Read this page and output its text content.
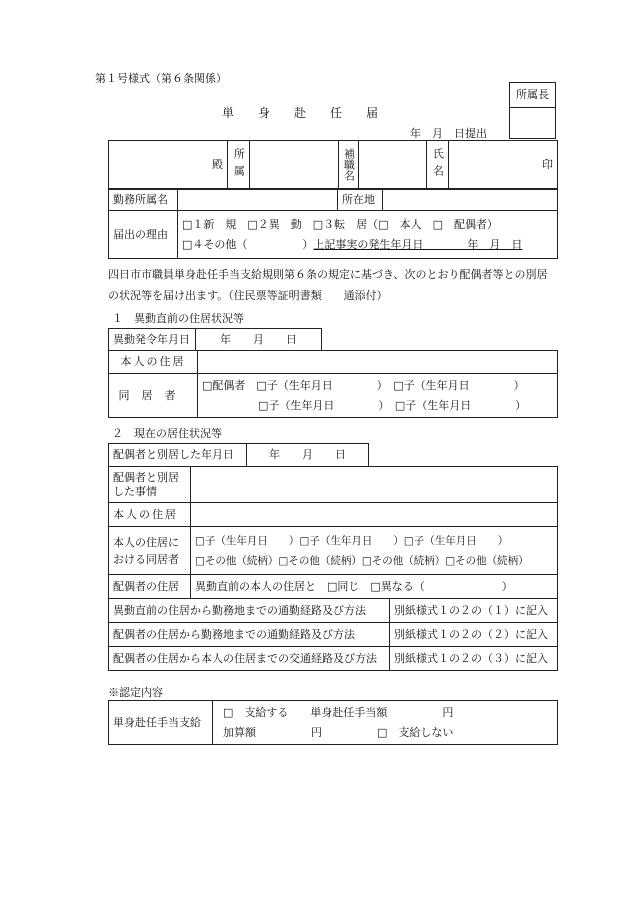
第１号様式（第６条関係）
所属長

単　　身　　赴　　任　　届
年　月　日提出
殿	所属		補職名		氏名	印
勤務所属名		所在地	
届出の理由	
□１新　規　□２異　動　□３転　居（□　本人　□　配偶者）
□４その他（　　　　　）上記事実の発生年月日　　　　年　月　日
四日市市職員単身赴任手当支給規則第６条の規定に基づき、次のとおり配偶者等との別居の状況等を届け出ます。（住民票等証明書類　　通添付）
１　異動直前の住居状況等
異動発令年月日	年　　月　　日
本人の住居	
同居者	□配偶者　□子（生年月日　　　　）　□子（生年月日　　　　）
□子（生年月日　　　　）　□子（生年月日　　　　）
２　現在の居住状況等
配偶者と別居した年月日	年　　月　　日
配偶者と別居した事情		
本人の住居		
本人の住居における同居者	□子（生年月日　　）□子（生年月日　　）□子（生年月日　　）
□その他（続柄）□その他（続柄）□その他（続柄）□その他（続柄）	

配偶者の住居	異動直前の本人の住居と　□同じ　□異なる（　　　　　　　）	
異動直前の住居から勤務地までの通勤経路及び方法		別紙様式１の２の（１）に記入
配偶者の住居から勤務地までの通勤経路及び方法		別紙様式１の２の（２）に記入
配偶者の住居から本人の住居までの交通経路及び方法		別紙様式１の２の（３）に記入
※認定内容
単身赴任手当支給	
□　支給する　　単身赴任手当額　　　　　円
加算額　　　　　円　　　　　□　支給しない
